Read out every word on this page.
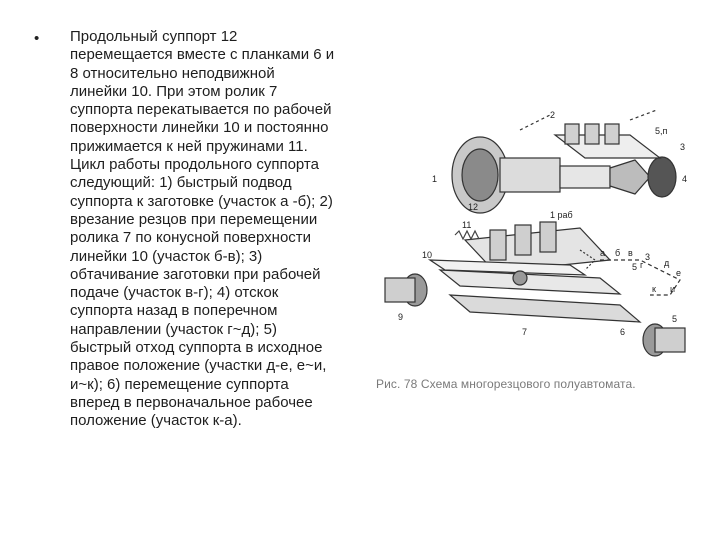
• Продольный суппорт 12
перемещается вместе с планками 6 и
8 относительно неподвижной
линейки 10. При этом ролик 7
суппорта перекатывается по рабочей
поверхности линейки 10 и постоянно
прижимается к ней пружинами 11.
Цикл работы продольного суппорта
следующий: 1) быстрый подвод
суппорта к заготовке (участок а -б); 2)
врезание резцов при перемещении
ролика 7 по конусной поверхности
линейки 10 (участок б-в); 3)
обтачивание заготовки при рабочей
подаче (участок в-г); 4) отскок
суппорта назад в поперечном
направлении (участок г~д); 5)
быстрый отход суппорта в исходное
правое положение (участки д-е, е~и,
и~к); 6) перемещение суппорта
вперед в первоначальное рабочее
положение (участок к-а).
1
2
3
4
5
6
7
9
10
11
12
5,п
1 раб
3
5
а б в
г д
е
и
к
Рис. 78 Схема многорезцового полуавтомата.
